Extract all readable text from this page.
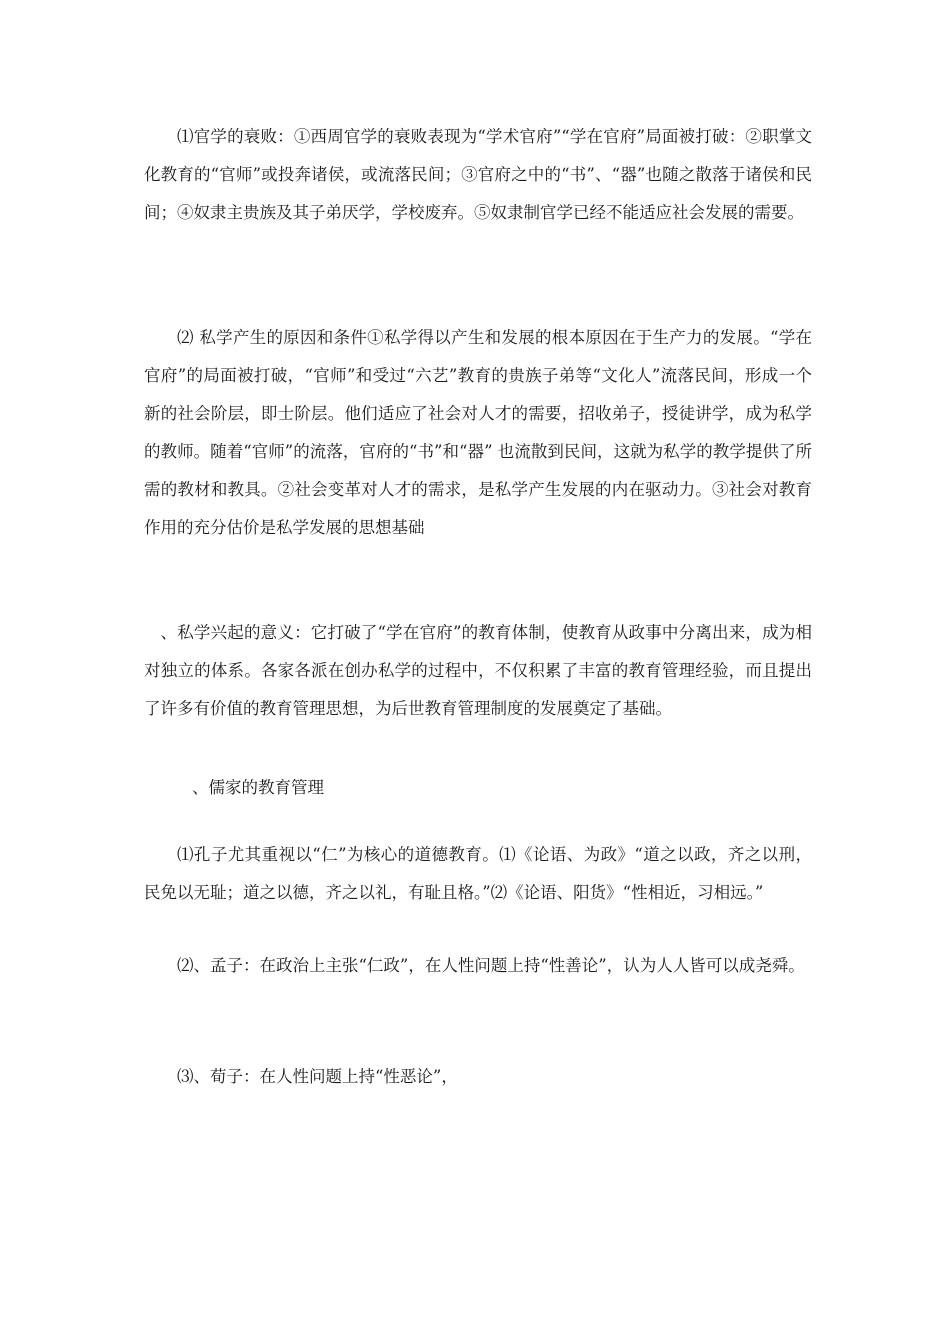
⑴官学的衰败：①西周官学的衰败表现为“学术官府”“学在官府”局面被打破：②职掌文化教育的“官师”或投奔诸侯，或流落民间；③官府之中的“书”、“器”也随之散落于诸侯和民间；④奴隶主贵族及其子弟厌学，学校废弃。⑤奴隶制官学已经不能适应社会发展的需要。

⑵ 私学产生的原因和条件①私学得以产生和发展的根本原因在于生产力的发展。“学在官府”的局面被打破，“官师”和受过“六艺”教育的贵族子弟等“文化人”流落民间，形成一个新的社会阶层，即士阶层。他们适应了社会对人才的需要，招收弟子，授徒讲学，成为私学的教师。随着“官师”的流落，官府的“书”和“器” 也流散到民间，这就为私学的教学提供了所需的教材和教具。②社会变革对人才的需求，是私学产生发展的内在驱动力。③社会对教育作用的充分估价是私学发展的思想基础

、私学兴起的意义：它打破了“学在官府”的教育体制，使教育从政事中分离出来，成为相对独立的体系。各家各派在创办私学的过程中，不仅积累了丰富的教育管理经验，而且提出了许多有价值的教育管理思想，为后世教育管理制度的发展奠定了基础。

、儒家的教育管理

⑴孔子尤其重视以“仁”为核心的道德教育。⑴《论语、为政》“道之以政，齐之以刑，民免以无耻；道之以德，齐之以礼，有耻且格。”⑵《论语、阳货》“性相近，习相远。”

⑵、孟子：在政治上主张“仁政”，在人性问题上持“性善论”，认为人人皆可以成尧舜。

⑶、荀子：在人性问题上持“性恶论”，
